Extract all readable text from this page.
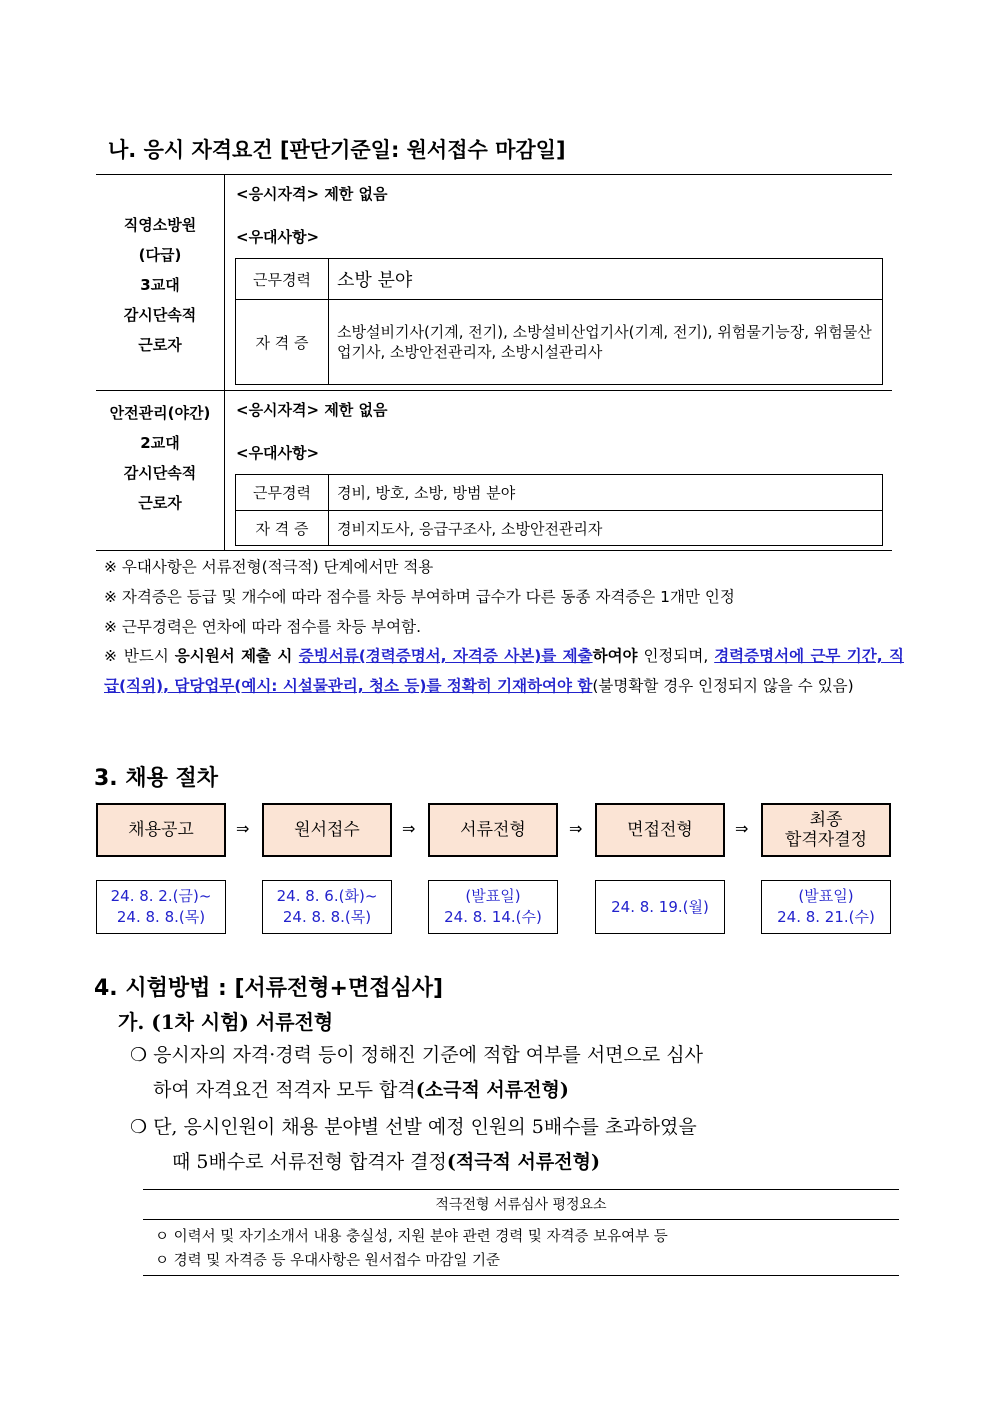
나. 응시 자격요건 [판단기준일: 원서접수 마감일]
직영소방원
(다급)
3교대
감시단속적
근로자
<응시자격> 제한 없음
<우대사항>
근무경력	소방 분야
자 격 증	소방설비기사(기계, 전기), 소방설비산업기사(기계, 전기), 위험물기능장, 위험물산업기사, 소방안전관리자, 소방시설관리사
안전관리(야간)
2교대
감시단속적
근로자
<응시자격> 제한 없음
<우대사항>
근무경력	경비, 방호, 소방, 방범 분야
자 격 증	경비지도사, 응급구조사, 소방안전관리자
※ 우대사항은 서류전형(적극적) 단계에서만 적용
※ 자격증은 등급 및 개수에 따라 점수를 차등 부여하며 급수가 다른 동종 자격증은 1개만 인정
※ 근무경력은 연차에 따라 점수를 차등 부여함.
※ 반드시 응시원서 제출 시 증빙서류(경력증명서, 자격증 사본)를 제출하여야 인정되며, 경력증명서에 근무 기간, 직급(직위), 담당업무(예시: 시설물관리, 청소 등)를 정확히 기재하여야 함(불명확할 경우 인정되지 않을 수 있음)
3. 채용 절차
채용공고	원서접수	서류전형	면접전형	최종
합격자결정
⇒	⇒	⇒	⇒
24. 8. 2.(금)~
24. 8. 8.(목)
24. 8. 6.(화)~
24. 8. 8.(목)
(발표일)
24. 8. 14.(수)
24. 8. 19.(월)
(발표일)
24. 8. 21.(수)
4. 시험방법 : [서류전형+면접심사]
가. (1차 시험) 서류전형
❍ 응시자의 자격·경력 등이 정해진 기준에 적합 여부를 서면으로 심사
하여 자격요건 적격자 모두 합격(소극적 서류전형)
❍ 단, 응시인원이 채용 분야별 선발 예정 인원의 5배수를 초과하였을
때 5배수로 서류전형 합격자 결정(적극적 서류전형)
적극전형 서류심사 평정요소
ㅇ 이력서 및 자기소개서 내용 충실성, 지원 분야 관련 경력 및 자격증 보유여부 등
ㅇ 경력 및 자격증 등 우대사항은 원서접수 마감일 기준
